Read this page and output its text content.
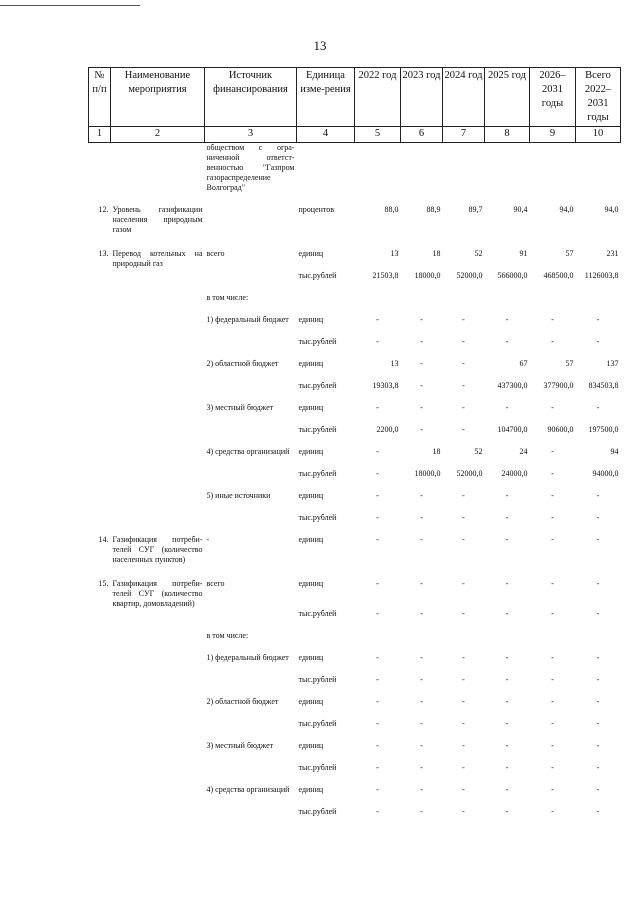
13
№ п/п	Наименование мероприятия	Источник финансирования	Единица изме-рения	2022 год	2023 год	2024 год	2025 год	2026–2031 годы	Всего 2022–2031 годы
1	2	3	4	5	6	7	8	9	10
		обществом с огра-ниченной ответст-венностью "Газпром газораспределение Волгоград"							
12.	Уровень газификации населения природным газом		процентов	88,0	88,9	89,7	90,4	94,0	94,0
13.	Перевод котельных на природный газ	всего	единиц	13	18	52	91	57	231
			тыс.рублей	21503,8	18000,0	52000,0	566000,0	468500,0	1126003,8
		в том числе:							
		1) федеральный бюджет	единиц	-	-	-	-	-	-
			тыс.рублей	-	-	-	-	-	-
		2) областной бюджет	единиц	13	-	-	67	57	137
			тыс.рублей	19303,8	-	-	437300,0	377900,0	834503,8
		3) местный бюджет	единиц	-	-	-	-	-	-
			тыс.рублей	2200,0	-	-	104700,0	90600,0	197500,0
		4) средства организаций	единиц	-	18	52	24	-	94
			тыс.рублей	-	18000,0	52000,0	24000,0	-	94000,0
		5) иные источники	единиц	-	-	-	-	-	-
			тыс.рублей	-	-	-	-	-	-
14.	Газификация потреби-телей СУГ (количество населенных пунктов)	-	единиц	-	-	-	-	-	-
15.	Газификация потреби-телей СУГ (количество квартир, домовладений)	всего	единиц	-	-	-	-	-	-
			тыс.рублей	-	-	-	-	-	-
		в том числе:							
		1) федеральный бюджет	единиц	-	-	-	-	-	-
			тыс.рублей	-	-	-	-	-	-
		2) областной бюджет	единиц	-	-	-	-	-	-
			тыс.рублей	-	-	-	-	-	-
		3) местный бюджет	единиц	-	-	-	-	-	-
			тыс.рублей	-	-	-	-	-	-
		4) средства организаций	единиц	-	-	-	-	-	-
			тыс.рублей	-	-	-	-	-	-
